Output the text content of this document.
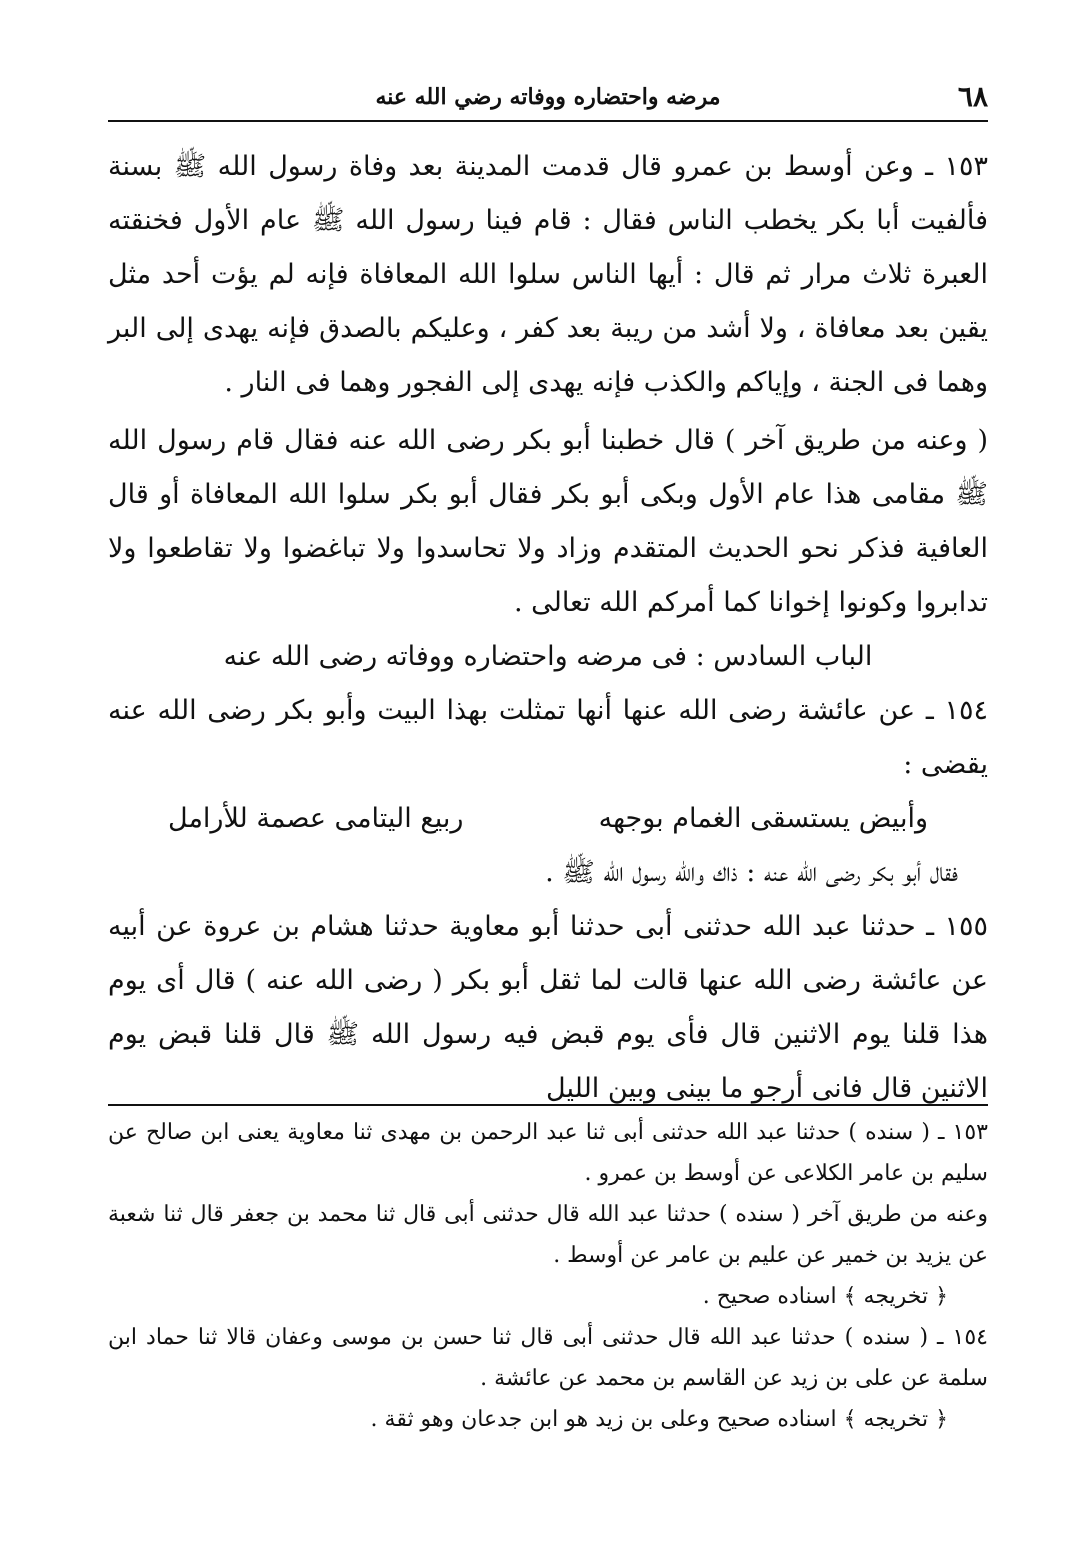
٦٨
مرضه واحتضاره ووفاته رضي الله عنه

١٥٣ ـ وعن أوسط بن عمرو قال قدمت المدينة بعد وفاة رسول الله ﷺ بسنة فألفيت أبا بكر يخطب الناس فقال : قام فينا رسول الله ﷺ عام الأول فخنقته العبرة ثلاث مرار ثم قال : أيها الناس سلوا الله المعافاة فإنه لم يؤت أحد مثل يقين بعد معافاة ، ولا أشد من ريبة بعد كفر ، وعليكم بالصدق فإنه يهدى إلى البر وهما فى الجنة ، وإياكم والكذب فإنه يهدى إلى الفجور وهما فى النار .

( وعنه من طريق آخر ) قال خطبنا أبو بكر رضى الله عنه فقال قام رسول الله ﷺ مقامى هذا عام الأول وبكى أبو بكر فقال أبو بكر سلوا الله المعافاة أو قال العافية فذكر نحو الحديث المتقدم وزاد ولا تحاسدوا ولا تباغضوا ولا تقاطعوا ولا تدابروا وكونوا إخوانا كما أمركم الله تعالى .

الباب السادس : فى مرضه واحتضاره ووفاته رضى الله عنه

١٥٤ ـ عن عائشة رضى الله عنها أنها تمثلت بهذا البيت وأبو بكر رضى الله عنه يقضى :

وأبيض يستسقى الغمام بوجهه
ربيع اليتامى عصمة للأرامل

فقال أبو بكر رضى الله عنه : ذاك والله رسول الله ﷺ .

١٥٥ ـ حدثنا عبد الله حدثنى أبى حدثنا أبو معاوية حدثنا هشام بن عروة عن أبيه عن عائشة رضى الله عنها قالت لما ثقل أبو بكر ( رضى الله عنه ) قال أى يوم هذا قلنا يوم الاثنين قال فأى يوم قبض فيه رسول الله ﷺ قال قلنا قبض يوم الاثنين قال فانى أرجو ما بينى وبين الليل

١٥٣ ـ ( سنده ) حدثنا عبد الله حدثنى أبى ثنا عبد الرحمن بن مهدى ثنا معاوية يعنى ابن صالح عن سليم بن عامر الكلاعى عن أوسط بن عمرو .

وعنه من طريق آخر ( سنده ) حدثنا عبد الله قال حدثنى أبى قال ثنا محمد بن جعفر قال ثنا شعبة عن يزيد بن خمير عن عليم بن عامر عن أوسط .

﴿ تخريجه ﴾ اسناده صحيح .

١٥٤ ـ ( سنده ) حدثنا عبد الله قال حدثنى أبى قال ثنا حسن بن موسى وعفان قالا ثنا حماد ابن سلمة عن على بن زيد عن القاسم بن محمد عن عائشة .

﴿ تخريجه ﴾ اسناده صحيح وعلى بن زيد هو ابن جدعان وهو ثقة .
